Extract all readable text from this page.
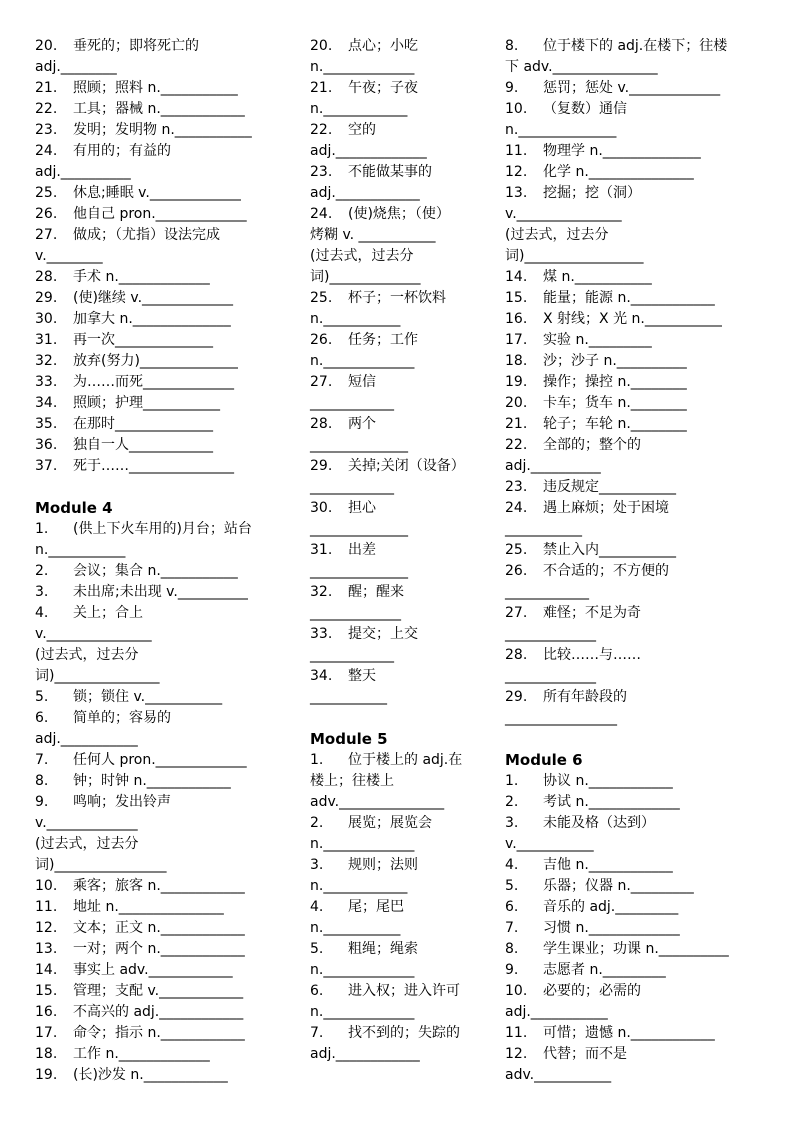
20. 垂死的；即将死亡的
adj.________
21. 照顾；照料 n.___________
22. 工具；器械 n.____________
23. 发明；发明物 n.___________
24. 有用的；有益的
adj.__________
25. 休息;睡眠 v._____________
26. 他自己 pron._____________
27. 做成；（尤指）设法完成
v.________
28. 手术 n._____________
29. (使)继续 v._____________
30. 加拿大 n.______________
31. 再一次______________
32. 放弃(努力)______________
33. 为……而死_____________
34. 照顾；护理___________
35. 在那时______________
36. 独自一人____________
37. 死于……_______________
Module 4
1. (供上下火车用的)月台；站台
n.___________
2. 会议；集合 n.___________
3. 未出席;未出现 v.__________
4. 关上；合上
v._______________
(过去式，过去分
词)_______________
5. 锁；锁住 v.___________
6. 简单的；容易的
adj.___________
7. 任何人 pron._____________
8. 钟；时钟 n.____________
9. 鸣响；发出铃声
v._____________
(过去式，过去分
词)________________
10. 乘客；旅客 n.____________
11. 地址 n._______________
12. 文本；正文 n.____________
13. 一对；两个 n.____________
14. 事实上 adv.____________
15. 管理；支配 v.____________
16. 不高兴的 adj.____________
17. 命令；指示 n.____________
18. 工作 n._____________
19. (长)沙发 n.____________
20. 点心；小吃
n._____________
21. 午夜；子夜
n.____________
22. 空的
adj._____________
23. 不能做某事的
adj.____________
24. (使)烧焦；（使）
烤糊 v. ___________
(过去式，过去分
词)_____________
25. 杯子；一杯饮料
n.___________
26. 任务；工作
n._____________
27. 短信
____________
28. 两个
______________
29. 关掉;关闭（设备）
____________
30. 担心
______________
31. 出差
______________
32. 醒；醒来
_____________
33. 提交；上交
____________
34. 整天
___________
Module 5
1. 位于楼上的 adj.在
楼上；往楼上
adv._______________
2. 展览；展览会
n._____________
3. 规则；法则
n.____________
4. 尾；尾巴
n.___________
5. 粗绳；绳索
n._____________
6. 进入权；进入许可
n._____________
7. 找不到的；失踪的
adj.____________
8. 位于楼下的 adj.在楼下；往楼
下 adv._______________
9. 惩罚；惩处 v._____________
10. （复数）通信
n.______________
11. 物理学 n.______________
12. 化学 n._______________
13. 挖掘；挖（洞）
v._______________
(过去式，过去分
词)_________________
14. 煤 n.___________
15. 能量；能源 n.____________
16. X 射线；X 光 n.___________
17. 实验 n._________
18. 沙；沙子 n.__________
19. 操作；操控 n.________
20. 卡车；货车 n.________
21. 轮子；车轮 n.________
22. 全部的；整个的
adj.__________
23. 违反规定___________
24. 遇上麻烦；处于困境
___________
25. 禁止入内___________
26. 不合适的；不方便的
____________
27. 难怪；不足为奇
_____________
28. 比较……与……
_____________
29. 所有年龄段的
________________
Module 6
1. 协议 n.____________
2. 考试 n._____________
3. 未能及格（达到）
v.___________
4. 吉他 n.____________
5. 乐器；仪器 n._________
6. 音乐的 adj._________
7. 习惯 n._____________
8. 学生课业；功课 n.__________
9. 志愿者 n._________
10. 必要的；必需的
adj.___________
11. 可惜；遗憾 n.____________
12. 代替；而不是
adv.___________
